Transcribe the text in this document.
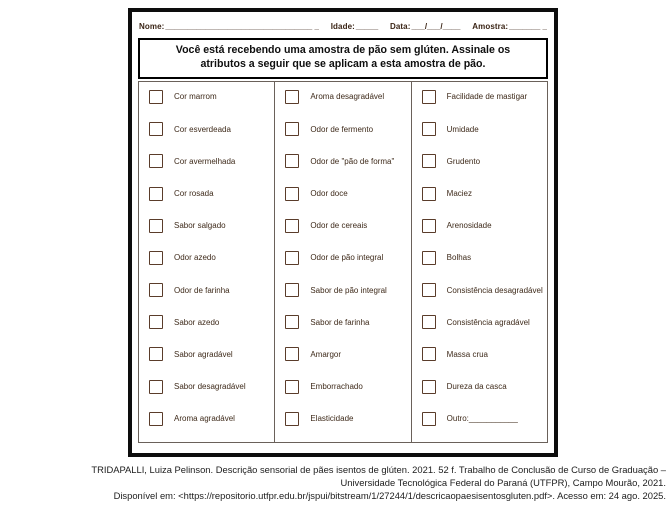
Nome: _________________________________ _ Idade: _____ Data: ___/___/____ Amostra: _______ _
Você está recebendo uma amostra de pão sem glúten. Assinale os atributos a seguir que se aplicam a esta amostra de pão.
Cor marrom
Cor esverdeada
Cor avermelhada
Cor rosada
Sabor salgado
Odor azedo
Odor de farinha
Sabor azedo
Sabor agradável
Sabor desagradável
Aroma agradável
Aroma desagradável
Odor de fermento
Odor de "pão de forma"
Odor doce
Odor de cereais
Odor de pão integral
Sabor de pão integral
Sabor de farinha
Amargor
Emborrachado
Elasticidade
Facilidade de mastigar
Umidade
Grudento
Maciez
Arenosidade
Bolhas
Consistência desagradável
Consistência agradável
Massa crua
Dureza da casca
Outro:___________
TRIDAPALLI, Luiza Pelinson. Descrição sensorial de pães isentos de glúten. 2021. 52 f. Trabalho de Conclusão de Curso de Graduação –
Universidade Tecnológica Federal do Paraná (UTFPR), Campo Mourão, 2021.
Disponível em: <https://repositorio.utfpr.edu.br/jspui/bitstream/1/27244/1/descricaopaesisentosgluten.pdf>. Acesso em: 24 ago. 2025.
